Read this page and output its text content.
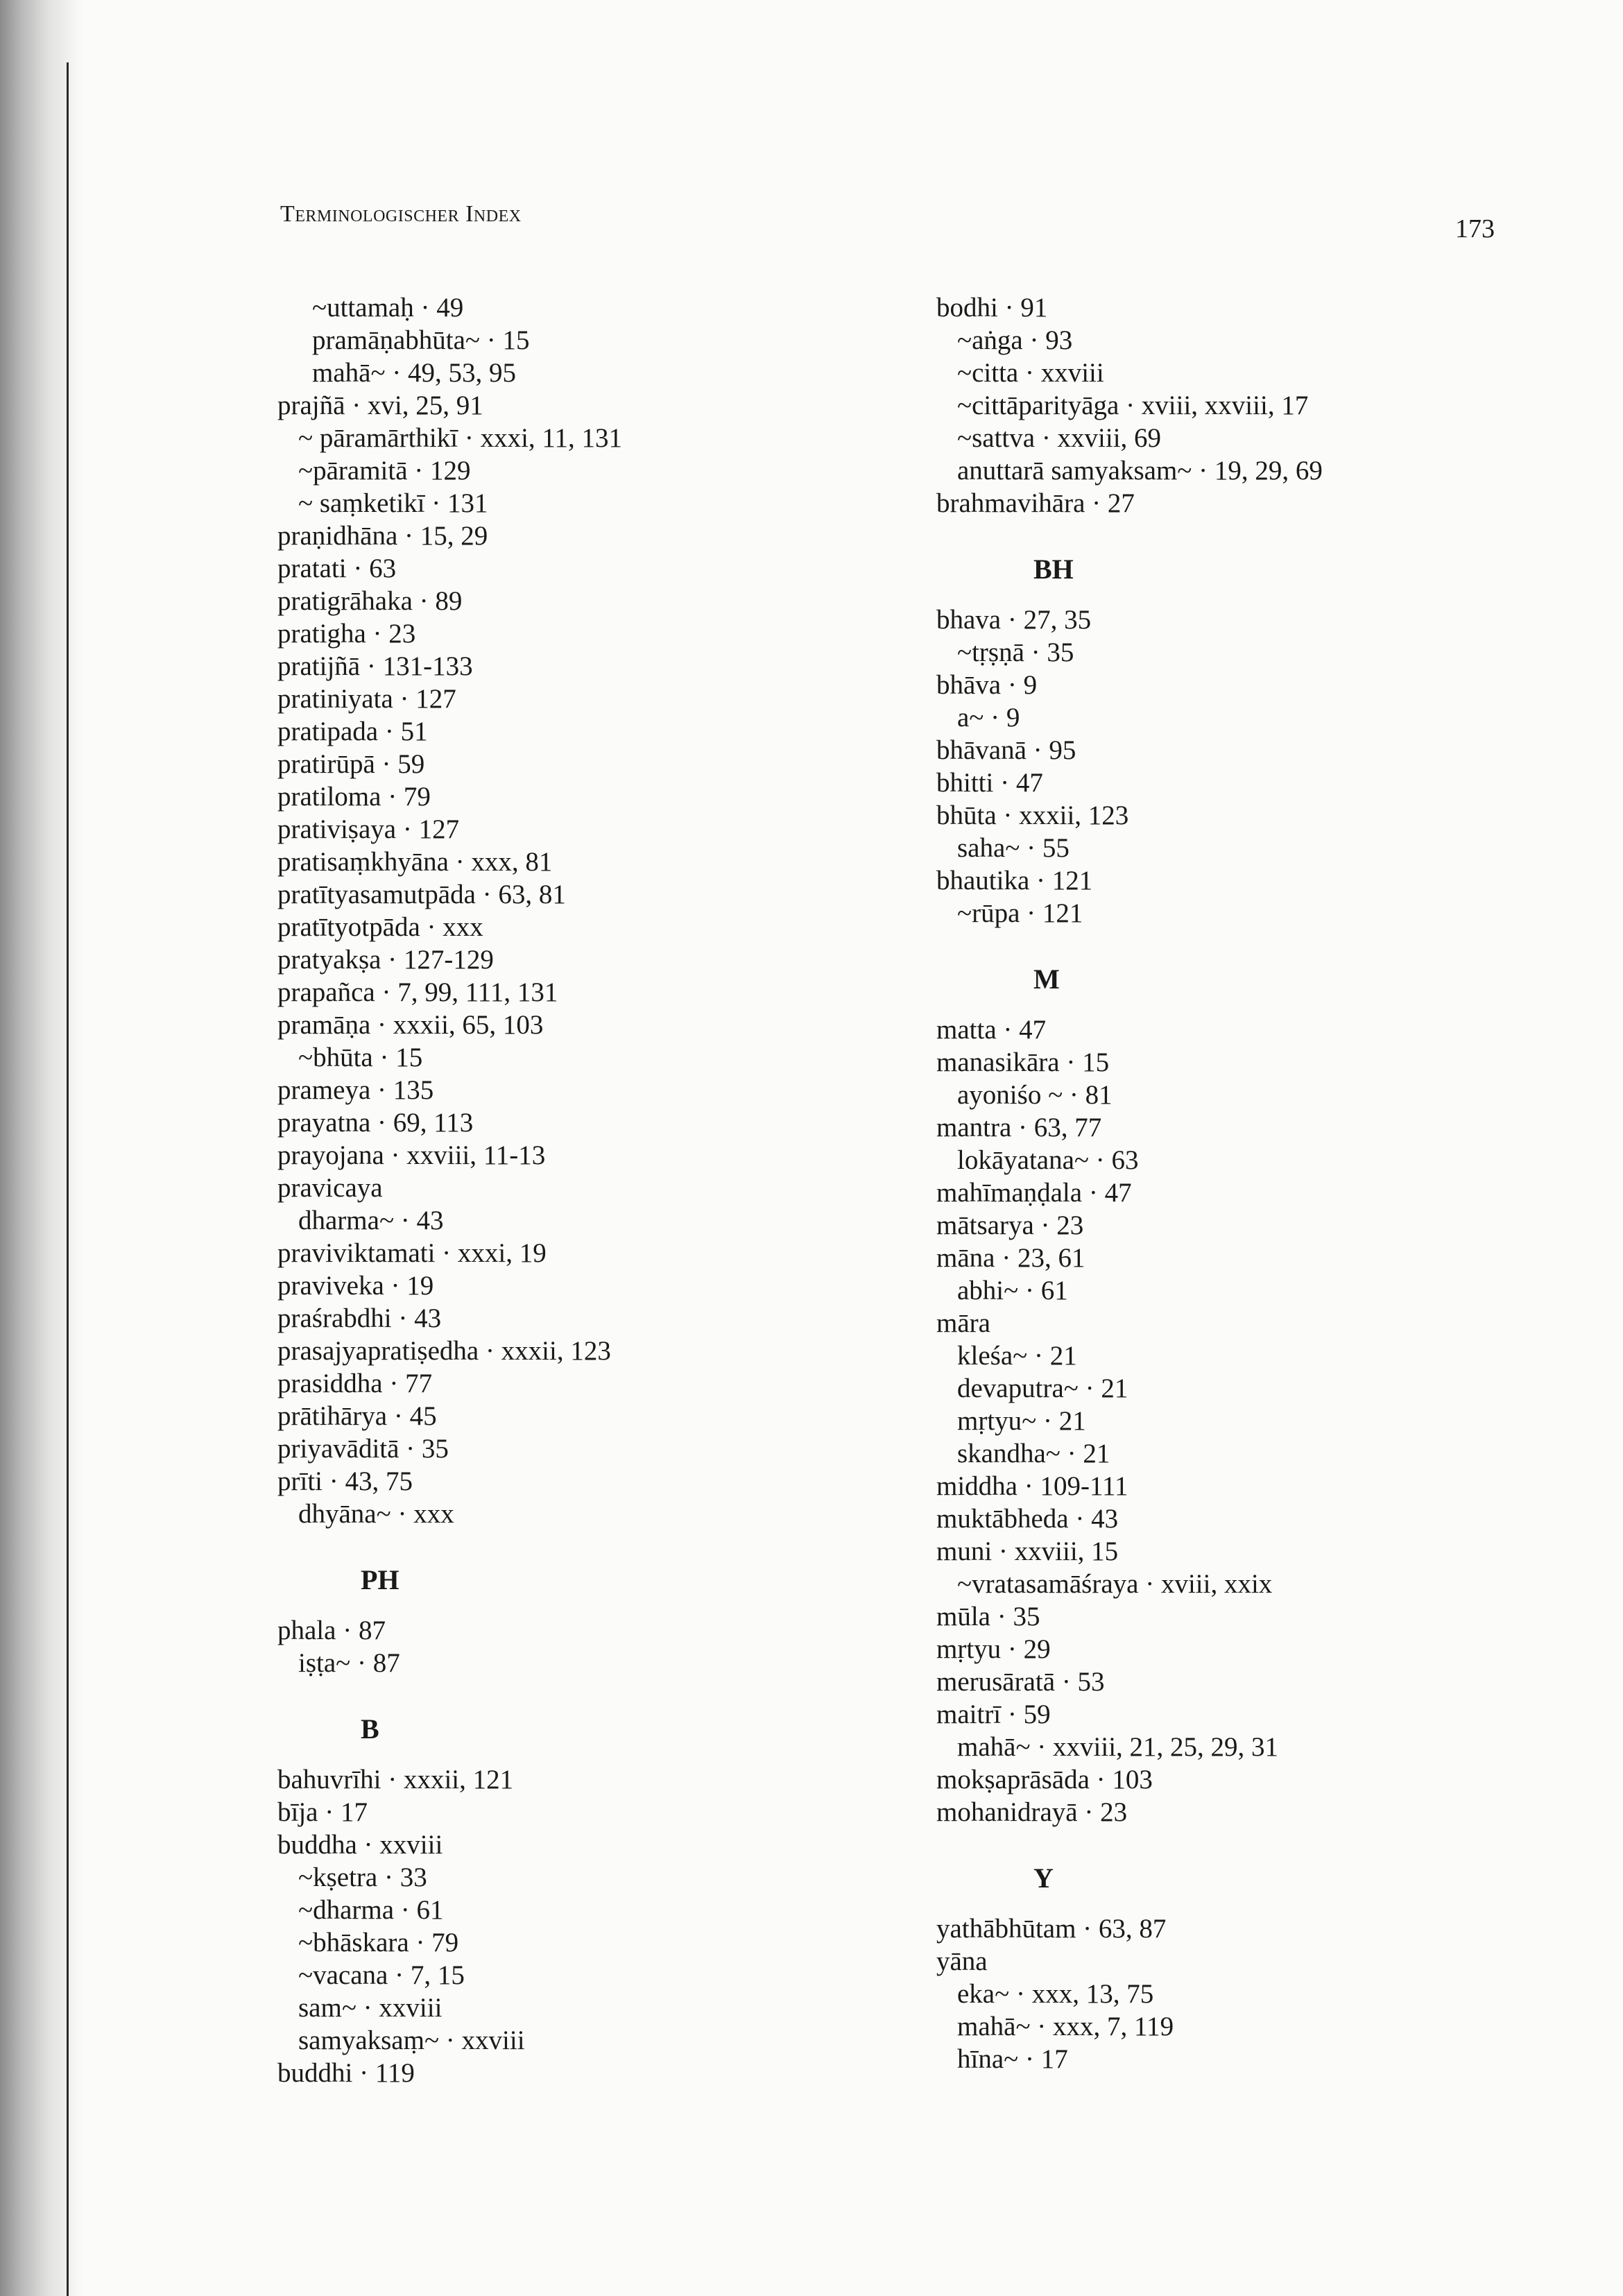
Terminologischer Index
173
~uttamaḥ · 49
pramāṇabhūta~ · 15
mahā~ · 49, 53, 95
prajñā · xvi, 25, 91
~ pāramārthikī · xxxi, 11, 131
~pāramitā · 129
~ saṃketikī · 131
praṇidhāna · 15, 29
pratati · 63
pratigrāhaka · 89
pratigha · 23
pratijñā · 131-133
pratiniyata · 127
pratipada · 51
pratirūpā · 59
pratiloma · 79
prativiṣaya · 127
pratisaṃkhyāna · xxx, 81
pratītyasamutpāda · 63, 81
pratītyotpāda · xxx
pratyakṣa · 127-129
prapañca · 7, 99, 111, 131
pramāṇa · xxxii, 65, 103
~bhūta · 15
prameya · 135
prayatna · 69, 113
prayojana · xxviii, 11-13
pravicaya
dharma~ · 43
praviviktamati · xxxi, 19
praviveka · 19
praśrabdhi · 43
prasajyapratiṣedha · xxxii, 123
prasiddha · 77
prātihārya · 45
priyavāditā · 35
prīti · 43, 75
dhyāna~ · xxx
PH
phala · 87
iṣṭa~ · 87
B
bahuvrīhi · xxxii, 121
bīja · 17
buddha · xxviii
~kṣetra · 33
~dharma · 61
~bhāskara · 79
~vacana · 7, 15
sam~ · xxviii
samyaksaṃ~ · xxviii
buddhi · 119
bodhi · 91
~aṅga · 93
~citta · xxviii
~cittāparityāga · xviii, xxviii, 17
~sattva · xxviii, 69
anuttarā samyaksam~ · 19, 29, 69
brahmavihāra · 27
BH
bhava · 27, 35
~tṛṣṇā · 35
bhāva · 9
a~ · 9
bhāvanā · 95
bhitti · 47
bhūta · xxxii, 123
saha~ · 55
bhautika · 121
~rūpa · 121
M
matta · 47
manasikāra · 15
ayoniśo ~ · 81
mantra · 63, 77
lokāyatana~ · 63
mahīmaṇḍala · 47
mātsarya · 23
māna · 23, 61
abhi~ · 61
māra
kleśa~ · 21
devaputra~ · 21
mṛtyu~ · 21
skandha~ · 21
middha · 109-111
muktābheda · 43
muni · xxviii, 15
~vratasamāśraya · xviii, xxix
mūla · 35
mṛtyu · 29
merusāratā · 53
maitrī · 59
mahā~ · xxviii, 21, 25, 29, 31
mokṣaprāsāda · 103
mohanidrayā · 23
Y
yathābhūtam · 63, 87
yāna
eka~ · xxx, 13, 75
mahā~ · xxx, 7, 119
hīna~ · 17
